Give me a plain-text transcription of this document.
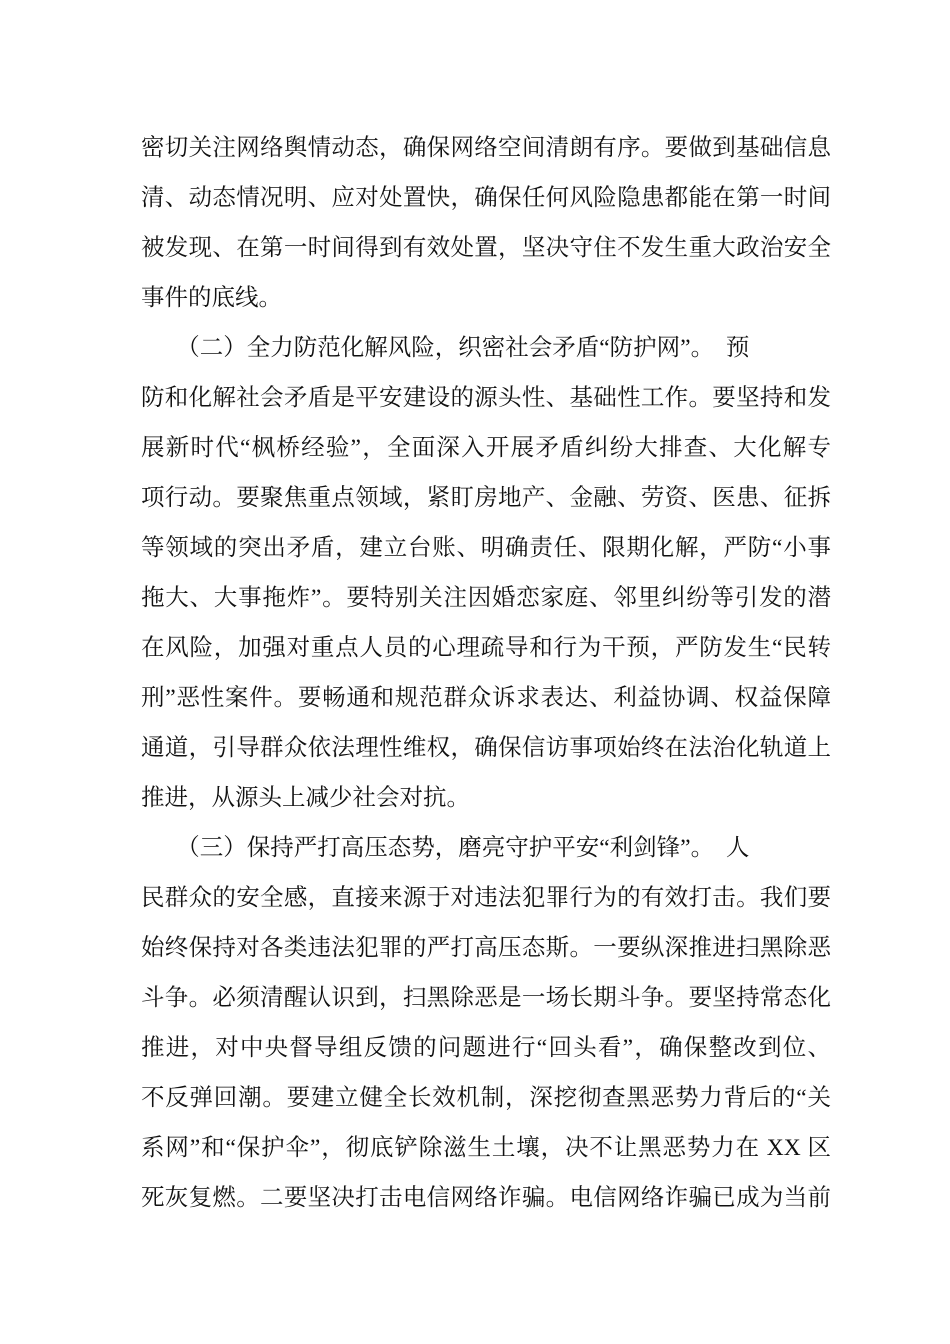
密切关注网络舆情动态，确保网络空间清朗有序。要做到基础信息
清、动态情况明、应对处置快，确保任何风险隐患都能在第一时间
被发现、在第一时间得到有效处置，坚决守住不发生重大政治安全
事件的底线。
　　（二）全力防范化解风险，织密社会矛盾“防护网”。　预
防和化解社会矛盾是平安建设的源头性、基础性工作。要坚持和发
展新时代“枫桥经验”，全面深入开展矛盾纠纷大排查、大化解专
项行动。要聚焦重点领域，紧盯房地产、金融、劳资、医患、征拆
等领域的突出矛盾，建立台账、明确责任、限期化解，严防“小事
拖大、大事拖炸”。要特别关注因婚恋家庭、邻里纠纷等引发的潜
在风险，加强对重点人员的心理疏导和行为干预，严防发生“民转
刑”恶性案件。要畅通和规范群众诉求表达、利益协调、权益保障
通道，引导群众依法理性维权，确保信访事项始终在法治化轨道上
推进，从源头上减少社会对抗。
　　（三）保持严打高压态势，磨亮守护平安“利剑锋”。　人
民群众的安全感，直接来源于对违法犯罪行为的有效打击。我们要
始终保持对各类违法犯罪的严打高压态斯。一要纵深推进扫黑除恶
斗争。必须清醒认识到，扫黑除恶是一场长期斗争。要坚持常态化
推进，对中央督导组反馈的问题进行“回头看”，确保整改到位、
不反弹回潮。要建立健全长效机制，深挖彻查黑恶势力背后的“关
系网”和“保护伞”，彻底铲除滋生土壤，决不让黑恶势力在 XX 区
死灰复燃。二要坚决打击电信网络诈骗。电信网络诈骗已成为当前
